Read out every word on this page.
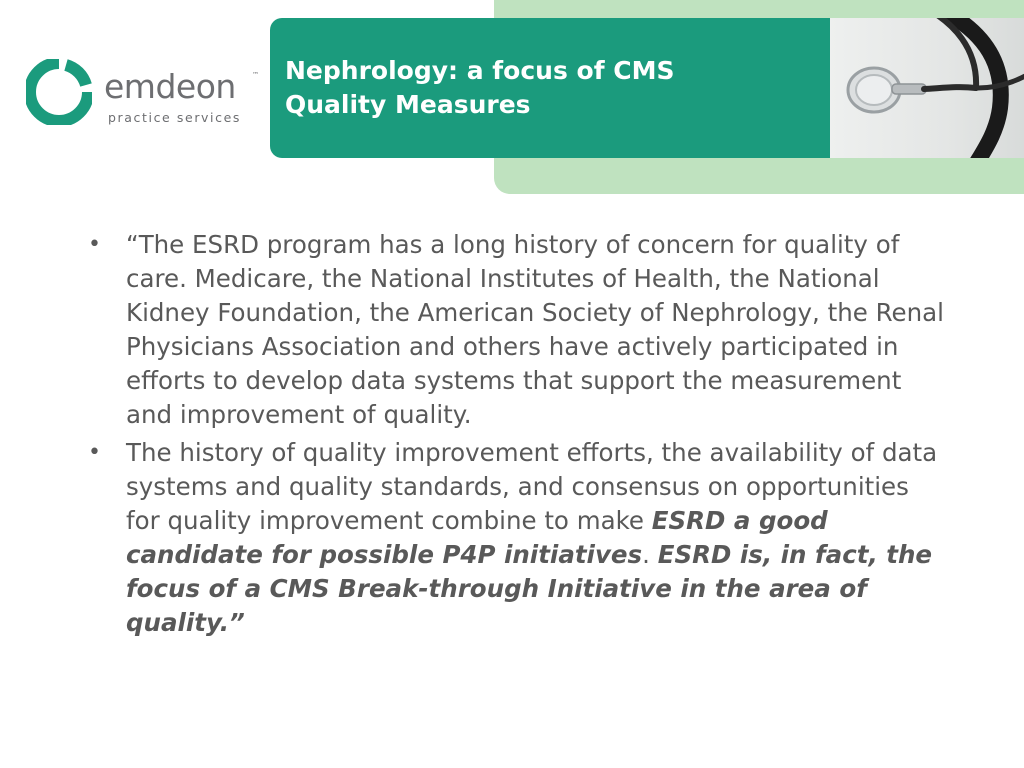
emdeon ™
practice services
Nephrology: a focus of CMS
Quality Measures
• “The ESRD program has a long history of concern for quality of care. Medicare, the National Institutes of Health, the National Kidney Foundation, the American Society of Nephrology, the Renal Physicians Association and others have actively participated in efforts to develop data systems that support the measurement and improvement of quality.
• The history of quality improvement efforts, the availability of data systems and quality standards, and consensus on opportunities for quality improvement combine to make ESRD a good candidate for possible P4P initiatives. ESRD is, in fact, the focus of a CMS Break-through Initiative in the area of quality.”
